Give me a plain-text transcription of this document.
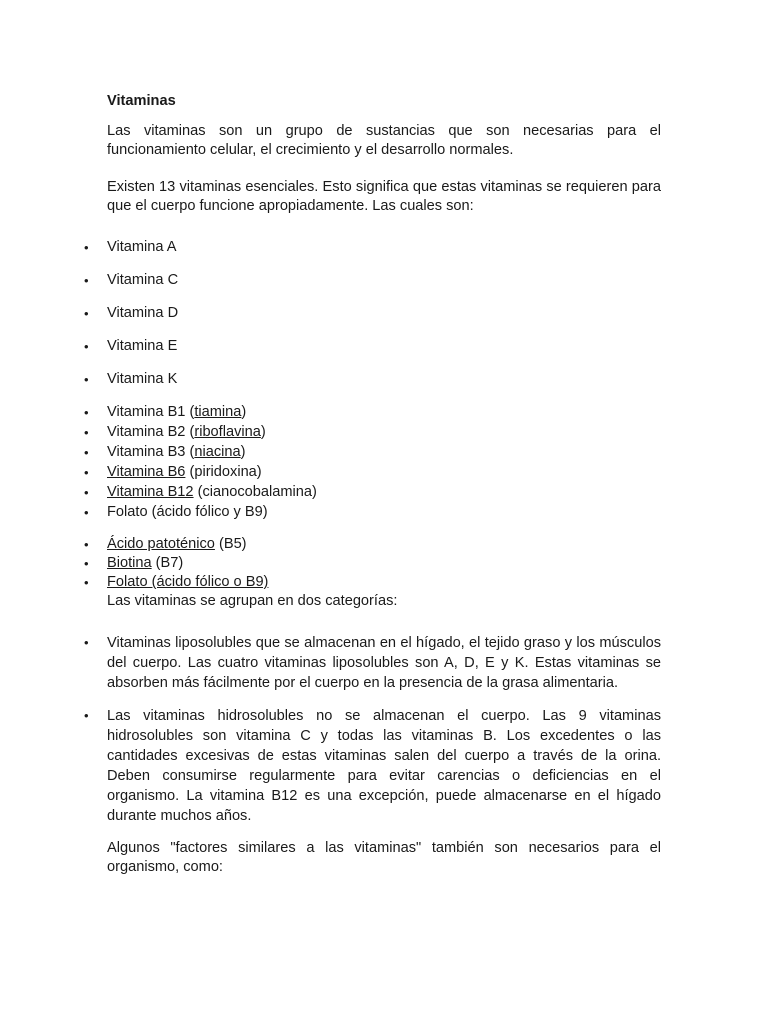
Vitaminas

Las vitaminas son un grupo de sustancias que son necesarias para el funcionamiento celular, el crecimiento y el desarrollo normales.

Existen 13 vitaminas esenciales. Esto significa que estas vitaminas se requieren para que el cuerpo funcione apropiadamente. Las cuales son:

• Vitamina A
• Vitamina C
• Vitamina D
• Vitamina E
• Vitamina K
• Vitamina B1 (tiamina)
• Vitamina B2 (riboflavina)
• Vitamina B3 (niacina)
• Vitamina B6 (piridoxina)
• Vitamina B12 (cianocobalamina)
• Folato (ácido fólico y B9)
• Ácido patoténico (B5)
• Biotina (B7)
• Folato (ácido fólico o B9)

Las vitaminas se agrupan en dos categorías:

• Vitaminas liposolubles que se almacenan en el hígado, el tejido graso y los músculos del cuerpo. Las cuatro vitaminas liposolubles son A, D, E y K. Estas vitaminas se absorben más fácilmente por el cuerpo en la presencia de la grasa alimentaria.
• Las vitaminas hidrosolubles no se almacenan el cuerpo. Las 9 vitaminas hidrosolubles son vitamina C y todas las vitaminas B. Los excedentes o las cantidades excesivas de estas vitaminas salen del cuerpo a través de la orina. Deben consumirse regularmente para evitar carencias o deficiencias en el organismo. La vitamina B12 es una excepción, puede almacenarse en el hígado durante muchos años.

Algunos "factores similares a las vitaminas" también son necesarios para el organismo, como:
